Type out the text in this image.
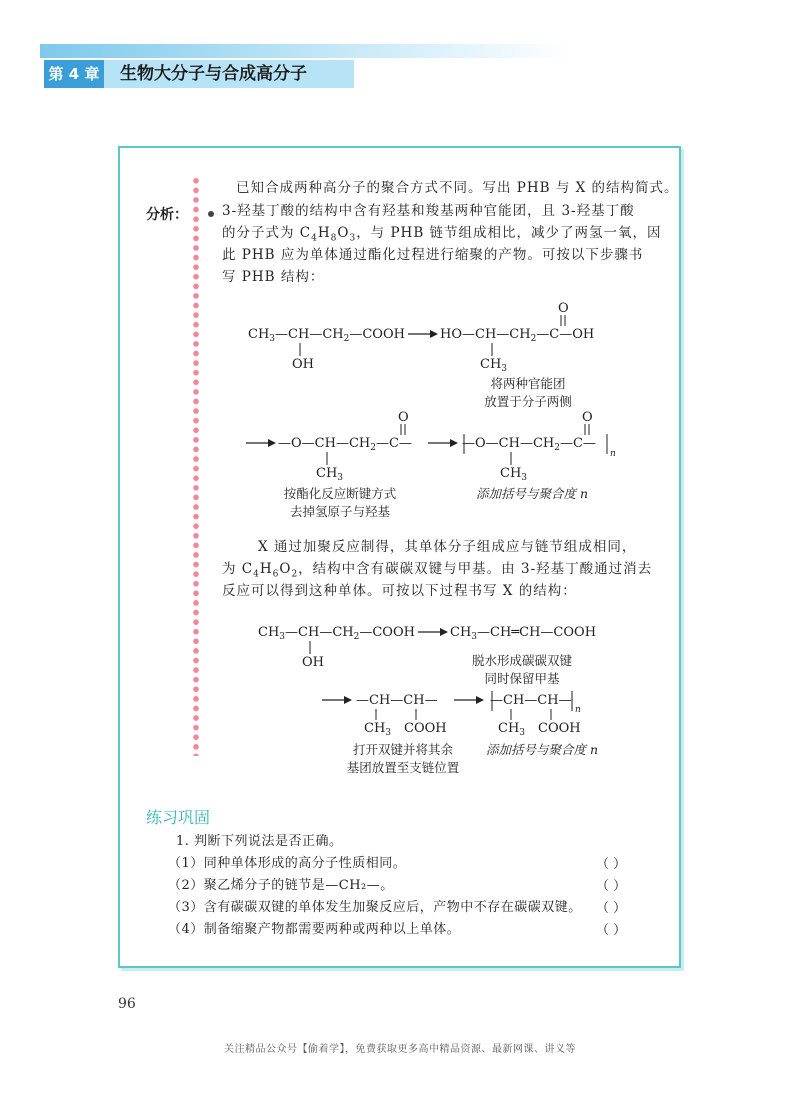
第 4 章	生物大分子与合成高分子
已知合成两种高分子的聚合方式不同。写出 PHB 与 X 的结构简式。
分析：	3-羟基丁酸的结构中含有羟基和羧基两种官能团，且 3-羟基丁酸
的分子式为 $C_4H_8O_3$，与 PHB 链节组成相比，减少了两氢一氧，因
此 PHB 应为单体通过酯化过程进行缩聚的产物。可按以下步骤书
写 PHB 结构：
$CH_3—CH—CH_2—COOH$
OH
$HO—CH—CH_2—C—OH$
O
$CH_3$
将两种官能团
放置于分子两侧
$—O—CH—CH_2—C—$
O
$CH_3$
$—O—CH—CH_2—C—$
O
n
$CH_3$
按酯化反应断键方式
去掉氢原子与羟基
添加括号与聚合度 n
X 通过加聚反应制得，其单体分子组成应与链节组成相同，
为 $C_4H_6O_2$，结构中含有碳碳双键与甲基。由 3-羟基丁酸通过消去
反应可以得到这种单体。可按以下过程书写 X 的结构：
$CH_3—CH—CH_2—COOH$
OH
$CH_3—CH═CH—COOH$
脱水形成碳碳双键
同时保留甲基
—CH—CH—
$CH_3$ COOH
—CH—CH—
n
$CH_3$ COOH
打开双键并将其余
基团放置至支链位置
添加括号与聚合度 n
练习巩固
1. 判断下列说法是否正确。
（1）同种单体形成的高分子性质相同。
（2）聚乙烯分子的链节是—CH₂—。
（3）含有碳碳双键的单体发生加聚反应后，产物中不存在碳碳双键。
（4）制备缩聚产物都需要两种或两种以上单体。
（ ）
（ ）
（ ）
（ ）
96
关注精品公众号【偷着学】，免费获取更多高中精品资源、最新网课、讲义等
